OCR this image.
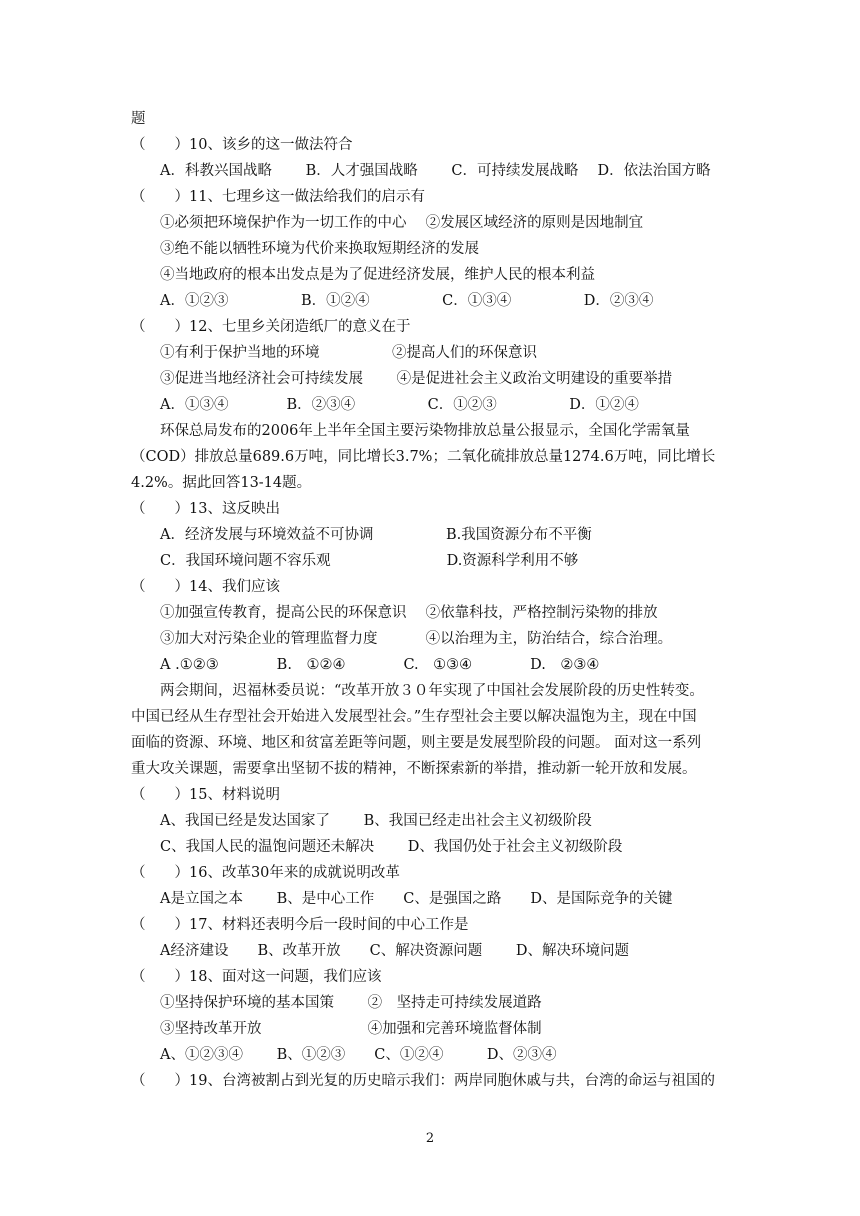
题
（　　）10、该乡的这一做法符合
A．科教兴国战略　　 B．人才强国战略　　 C．可持续发展战略　 D．依法治国方略
（　　）11、七理乡这一做法给我们的启示有
①必须把环境保护作为一切工作的中心　 ②发展区域经济的原则是因地制宜
③绝不能以牺牲环境为代价来换取短期经济的发展
④当地政府的根本出发点是为了促进经济发展，维护人民的根本利益
A．①②③　　　　　B．①②④　　　　　C．①③④　　　　　D．②③④
（　　）12、七里乡关闭造纸厂的意义在于
①有利于保护当地的环境　　　　　②提高人们的环保意识
③促进当地经济社会可持续发展　　 ④是促进社会主义政治文明建设的重要举措
A．①③④　　　　B．②③④　　　　　C．①②③　　　　　D．①②④
环保总局发布的2006年上半年全国主要污染物排放总量公报显示，全国化学需氧量
（COD）排放总量689.6万吨，同比增长3.7%；二氧化硫排放总量1274.6万吨，同比增长
4.2%。据此回答13-14题。
（　　）13、这反映出
A．经济发展与环境效益不可协调　　　　　B.我国资源分布不平衡
C．我国环境问题不容乐观　　　　　　　　D.资源科学利用不够
（　　）14、我们应该
①加强宣传教育，提高公民的环保意识　 ②依靠科技，严格控制污染物的排放
③加大对污染企业的管理监督力度　　　 ④以治理为主，防治结合，综合治理。
A .①②③　　　　B.　①②④　　　　C.　①③④　　　　D.　②③④
两会期间，迟福林委员说：“改革开放３０年实现了中国社会发展阶段的历史性转变。
中国已经从生存型社会开始进入发展型社会。”生存型社会主要以解决温饱为主，现在中国
面临的资源、环境、地区和贫富差距等问题，则主要是发展型阶段的问题。 面对这一系列
重大攻关课题，需要拿出坚韧不拔的精神，不断探索新的举措，推动新一轮开放和发展。
（　　）15、材料说明
A、我国已经是发达国家了　　 B、我国已经走出社会主义初级阶段
C、我国人民的温饱问题还未解决　　 D、我国仍处于社会主义初级阶段
（　　）16、改革30年来的成就说明改革
A是立国之本　　 B、是中心工作　　C、是强国之路　　D、是国际竞争的关键
（　　）17、材料还表明今后一段时间的中心工作是
A经济建设　　B、改革开放　　C、解决资源问题　　 D、解决环境问题
（　　）18、面对这一问题，我们应该
①坚持保护环境的基本国策　　 ②　坚持走可持续发展道路
③坚持改革开放　　　　　　　 ④加强和完善环境监督体制
A、①②③④　　 B、①②③　　C、①②④　　　D、②③④
（　　）19、台湾被割占到光复的历史暗示我们：两岸同胞休戚与共，台湾的命运与祖国的
2
